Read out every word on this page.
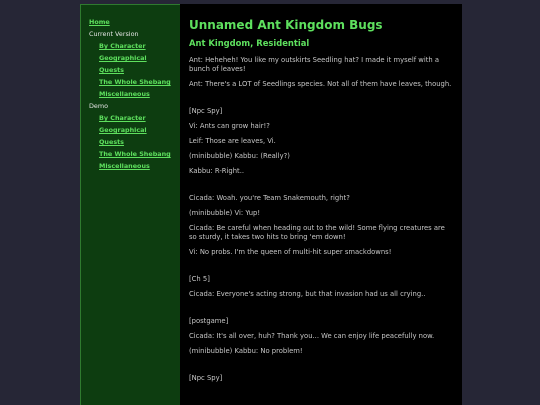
Home
Current Version
By Character
Geographical
Quests
The Whole Shebang
Miscellaneous
Demo
By Character
Geographical
Quests
The Whole Shebang
Miscellaneous
Unnamed Ant Kingdom Bugs
Ant Kingdom, Residential

Ant: Heheheh! You like my outskirts Seedling hat? I made it myself with a bunch of leaves!

Ant: There's a LOT of Seedlings species. Not all of them have leaves, though.

[Npc Spy]

Vi: Ants can grow hair!?

Leif: Those are leaves, Vi.

(minibubble) Kabbu: (Really?)

Kabbu: R-Right..

Cicada: Woah. you're Team Snakemouth, right?

(minibubble) Vi: Yup!

Cicada: Be careful when heading out to the wild! Some flying creatures are so sturdy, it takes two hits to bring 'em down!

Vi: No probs. I'm the queen of multi-hit super smackdowns!

[Ch 5]

Cicada: Everyone's acting strong, but that invasion had us all crying..

[postgame]

Cicada: It's all over, huh? Thank you... We can enjoy life peacefully now.

(minibubble) Kabbu: No problem!

[Npc Spy]
